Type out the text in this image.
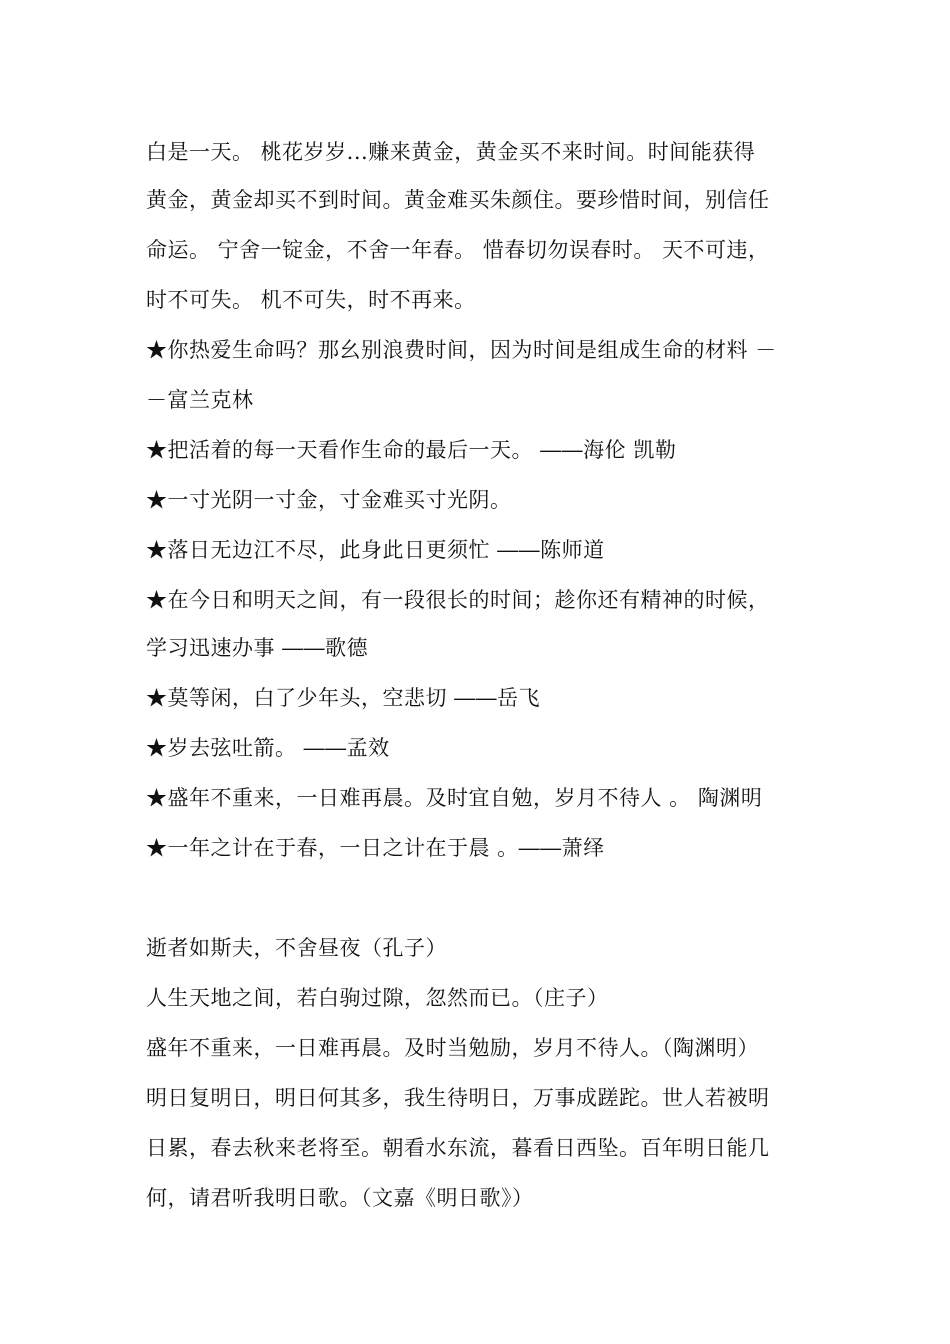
白是一天。 桃花岁岁...赚来黄金，黄金买不来时间。时间能获得
黄金，黄金却买不到时间。黄金难买朱颜住。要珍惜时间，别信任
命运。 宁舍一锭金，不舍一年春。 惜春切勿误春时。 天不可违，
时不可失。 机不可失，时不再来。
★你热爱生命吗？那幺别浪费时间，因为时间是组成生命的材料 －
－富兰克林
★把活着的每一天看作生命的最后一天。 ――海伦 凯勒
★一寸光阴一寸金，寸金难买寸光阴。
★落日无边江不尽，此身此日更须忙 ――陈师道
★在今日和明天之间，有一段很长的时间；趁你还有精神的时候，
学习迅速办事 ――歌德
★莫等闲，白了少年头，空悲切 ――岳飞
★岁去弦吐箭。 ――孟效
★盛年不重来，一日难再晨。及时宜自勉，岁月不待人 。 陶渊明
★一年之计在于春，一日之计在于晨 。――萧绎
逝者如斯夫，不舍昼夜（孔子）
人生天地之间，若白驹过隙，忽然而已。（庄子）
盛年不重来，一日难再晨。及时当勉励，岁月不待人。（陶渊明）
明日复明日，明日何其多，我生待明日，万事成蹉跎。世人若被明
日累，春去秋来老将至。朝看水东流，暮看日西坠。百年明日能几
何，请君听我明日歌。（文嘉《明日歌》）
